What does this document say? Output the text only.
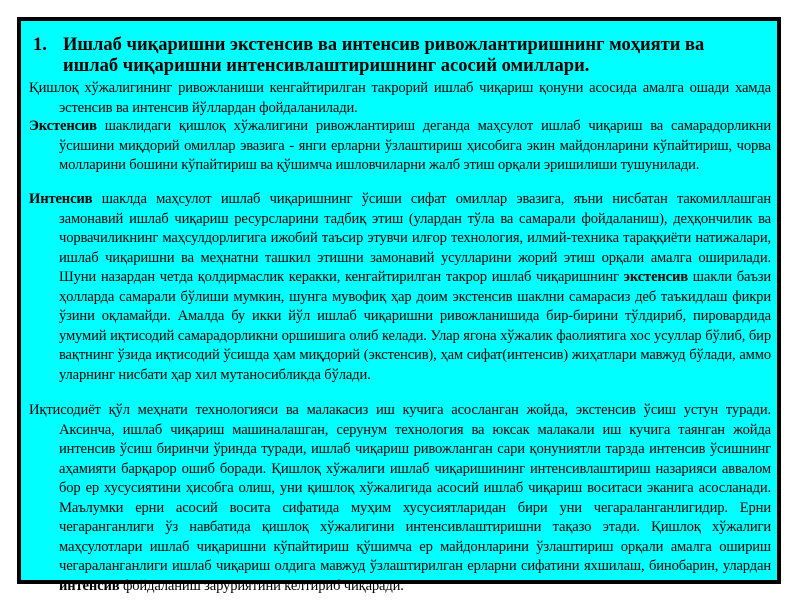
1. Ишлаб чиқаришни экстенсив ва интенсив ривожлантиришнинг моҳияти ва ишлаб чиқаришни интенсивлаштиришнинг асосий омиллари.
Қишлоқ хўжалигининг ривожланиши кенгайтирилган такрорий ишлаб чиқариш қонуни асосида амалга ошади хамда эстенсив ва интенсив йўллардан фойдаланилади.
Экстенсив шаклидаги қишлоқ хўжалигини ривожлантириш деганда маҳсулот ишлаб чиқариш ва самарадорликни ўсишини миқдорий омиллар эвазига - янги ерларни ўзлаштириш ҳисобига экин майдонларини кўпайтириш, чорва молларини бошини кўпайтириш ва қўшимча ишловчиларни жалб этиш орқали эришилиши тушунилади.
Интенсив шаклда маҳсулот ишлаб чиқаришнинг ўсиши сифат омиллар эвазига, яъни нисбатан такомиллашган замонавий ишлаб чиқариш ресурсларини тадбиқ этиш (улардан тўла ва самарали фойдаланиш), деҳқончилик ва чорвачиликнинг маҳсулдорлигига ижобий таъсир этувчи илғор технология, илмий-техника тараққиёти натижалари, ишлаб чиқаришни ва меҳнатни ташкил этишни замонавий усулларини жорий этиш орқали амалга оширилади. Шуни назардан четда қолдирмаслик керакки, кенгайтирилган такрор ишлаб чиқаришнинг экстенсив шакли баъзи ҳолларда самарали бўлиши мумкин, шунга мувофиқ ҳар доим экстенсив шаклни самарасиз деб таъкидлаш фикри ўзини оқламайди. Амалда бу икки йўл ишлаб чиқаришни ривожланишида бир-бирини тўлдириб, пировардида умумий иқтисодий самарадорликни оршишига олиб келади. Улар ягона хўжалик фаолиятига хос усуллар бўлиб, бир вақтнинг ўзида иқтисодий ўсишда ҳам миқдорий (экстенсив), ҳам сифат(интенсив) жиҳатлари мавжуд бўлади, аммо уларнинг нисбати ҳар хил мутаносибликда бўлади.
Иқтисодиёт қўл меҳнати технологияси ва малакасиз иш кучига асосланган жойда, экстенсив ўсиш устун туради. Аксинча, ишлаб чиқариш машиналашган, серунум технология ва юксак малакали иш кучига таянган жойда интенсив ўсиш биринчи ўринда туради, ишлаб чиқариш ривожланган сари қонуниятли тарзда интенсив ўсишнинг аҳамияти барқарор ошиб боради. Қишлоқ хўжалиги ишлаб чиқаришининг интенсивлаштириш назарияси аввалом бор ер хусусиятини ҳисобга олиш, уни қишлоқ хўжалигида асосий ишлаб чиқариш воситаси эканига асосланади. Маълумки ерни асосий восита сифатида муҳим хусусиятларидан бири уни чегараланганлигидир. Ерни чегаранганлиги ўз навбатида қишлоқ хўжалигини интенсивлаштиришни тақазо этади. Қишлоқ хўжалиги маҳсулотлари ишлаб чиқаришни кўпайтириш қўшимча ер майдонларини ўзлаштириш орқали амалга ошириш чегараланганлиги ишлаб чиқариш олдига мавжуд ўзлаштирилган ерларни сифатини яхшилаш, бинобарин, улардан интенсив фойдаланиш заруриятини келтириб чиқаради.
